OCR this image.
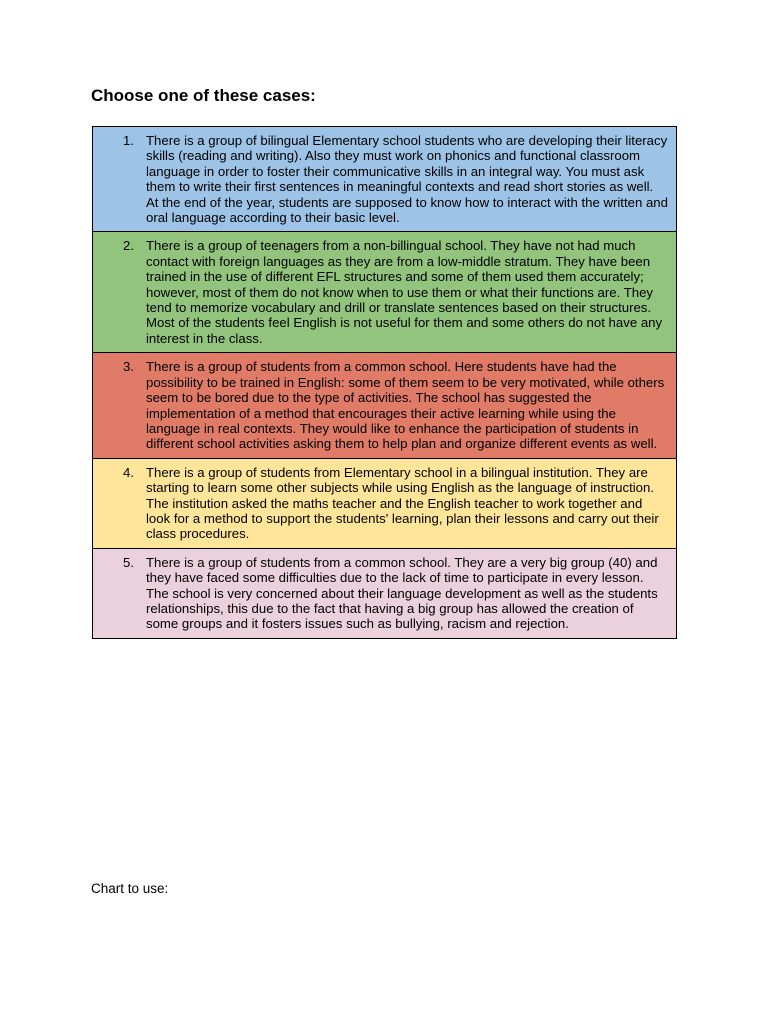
Choose one of these cases:
1. There is a group of bilingual Elementary school students who are developing their literacy skills (reading and writing). Also they must work on phonics and functional classroom language in order to foster their communicative skills in an integral way. You must ask them to write their first sentences in meaningful contexts and read short stories as well. At the end of the year, students are supposed to know how to interact with the written and oral language according to their basic level.

2. There is a group of teenagers from a non-billingual school. They have not had much contact with foreign languages as they are from a low-middle stratum. They have been trained in the use of different EFL structures and some of them used them accurately; however, most of them do not know when to use them or what their functions are. They tend to memorize vocabulary and drill or translate sentences based on their structures. Most of the students feel English is not useful for them and some others do not have any interest in the class.

3. There is a group of students from a common school. Here students have had the possibility to be trained in English: some of them seem to be very motivated, while others seem to be bored due to the type of activities. The school has suggested the implementation of a method that encourages their active learning while using the language in real contexts. They would like to enhance the participation of students in different school activities asking them to help plan and organize different events as well.

4. There is a group of students from Elementary school in a bilingual institution. They are starting to learn some other subjects while using English as the language of instruction. The institution asked the maths teacher and the English teacher to work together and look for a method to support the students' learning, plan their lessons and carry out their class procedures.

5. There is a group of students from a common school. They are a very big group (40) and they have faced some difficulties due to the lack of time to participate in every lesson. The school is very concerned about their language development as well as the students relationships, this due to the fact that having a big group has allowed the creation of some groups and it fosters issues such as bullying, racism and rejection.

Chart to use:
